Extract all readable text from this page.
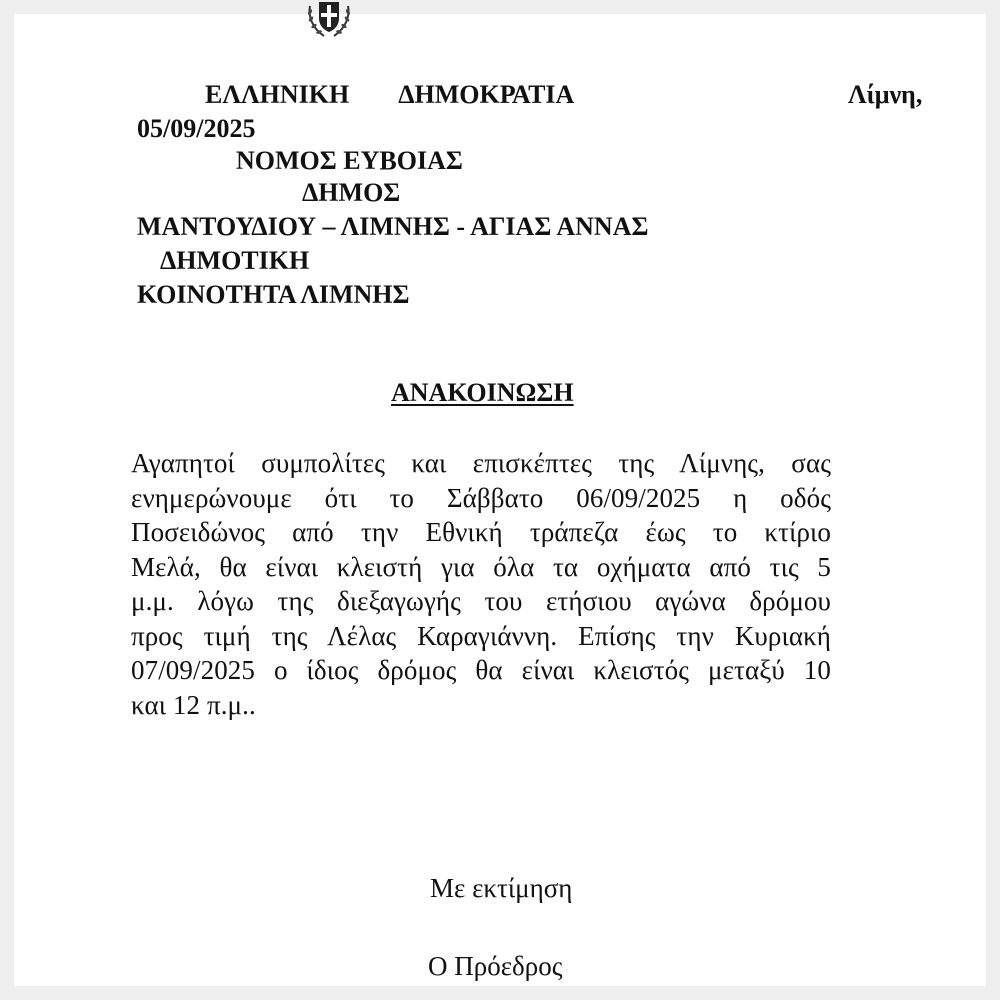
ΕΛΛΗΝΙΚΗ ΔΗΜΟΚΡΑΤΙΑ	Λίμνη,
05/09/2025
ΝΟΜΟΣ ΕΥΒΟΙΑΣ
ΔΗΜΟΣ
ΜΑΝΤΟΥΔΙΟΥ – ΛΙΜΝΗΣ - ΑΓΙΑΣ ΑΝΝΑΣ
ΔΗΜΟΤΙΚΗ
ΚΟΙΝΟΤΗΤΑ ΛΙΜΝΗΣ
ΑΝΑΚΟΙΝΩΣΗ
Αγαπητοί συμπολίτες και επισκέπτες της Λίμνης, σας
ενημερώνουμε ότι το Σάββατο 06/09/2025 η οδός
Ποσειδώνος από την Εθνική τράπεζα έως το κτίριο
Μελά, θα είναι κλειστή για όλα τα οχήματα από τις 5
μ.μ. λόγω της διεξαγωγής του ετήσιου αγώνα δρόμου
προς τιμή της Λέλας Καραγιάννη. Επίσης την Κυριακή
07/09/2025 ο ίδιος δρόμος θα είναι κλειστός μεταξύ 10
και 12 π.μ..
Με εκτίμηση
Ο Πρόεδρος
